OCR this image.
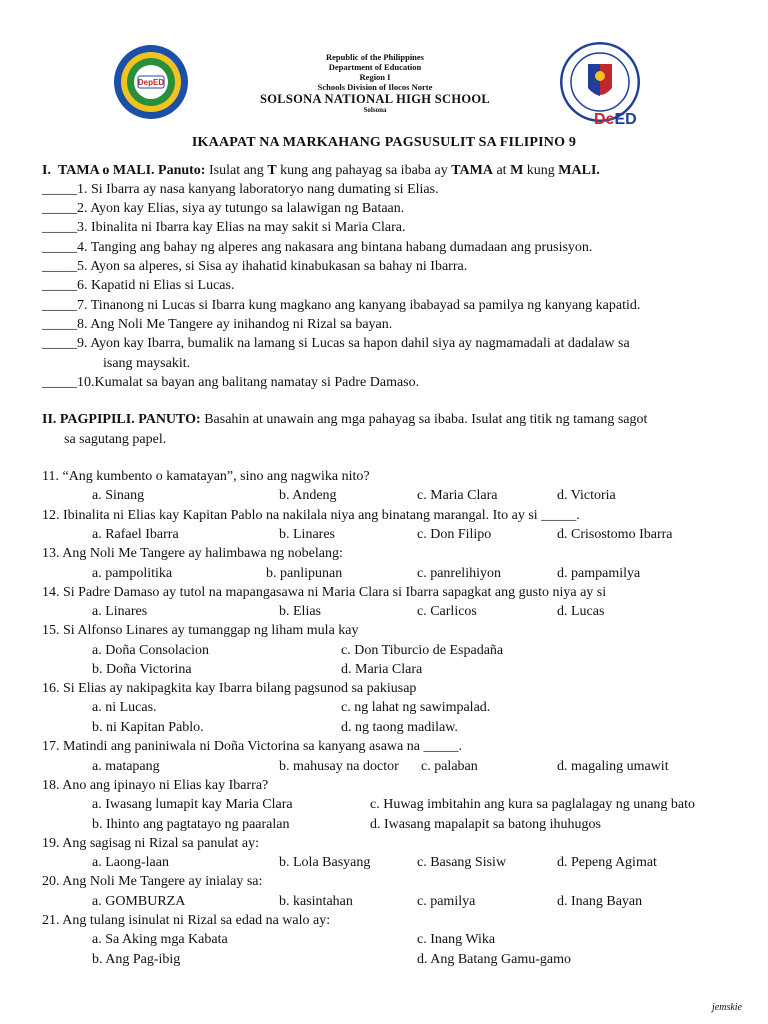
DepED
Republic of the Philippines
Department of Education
Region I
Schools Division of Ilocos Norte
SOLSONA NATIONAL HIGH SCHOOL
Solsona
DeED
IKAAPAT NA MARKAHANG PAGSUSULIT SA FILIPINO 9
I. TAMA o MALI. Panuto: Isulat ang T kung ang pahayag sa ibaba ay TAMA at M kung MALI.
_____1. Si Ibarra ay nasa kanyang laboratoryo nang dumating si Elias.
_____2. Ayon kay Elias, siya ay tutungo sa lalawigan ng Bataan.
_____3. Ibinalita ni Ibarra kay Elias na may sakit si Maria Clara.
_____4. Tanging ang bahay ng alperes ang nakasara ang bintana habang dumadaan ang prusisyon.
_____5. Ayon sa alperes, si Sisa ay ihahatid kinabukasan sa bahay ni Ibarra.
_____6. Kapatid ni Elias si Lucas.
_____7. Tinanong ni Lucas si Ibarra kung magkano ang kanyang ibabayad sa pamilya ng kanyang kapatid.
_____8. Ang Noli Me Tangere ay inihandog ni Rizal sa bayan.
_____9. Ayon kay Ibarra, bumalik na lamang si Lucas sa hapon dahil siya ay nagmamadali at dadalaw sa
isang maysakit.
_____10.Kumalat sa bayan ang balitang namatay si Padre Damaso.
II. PAGPIPILI. PANUTO: Basahin at unawain ang mga pahayag sa ibaba. Isulat ang titik ng tamang sagot
sa sagutang papel.
11. “Ang kumbento o kamatayan”, sino ang nagwika nito?
a. Sinang	b. Andeng	c. Maria Clara	d. Victoria
12. Ibinalita ni Elias kay Kapitan Pablo na nakilala niya ang binatang marangal. Ito ay si _____.
a. Rafael Ibarra	b. Linares	c. Don Filipo	d. Crisostomo Ibarra
13. Ang Noli Me Tangere ay halimbawa ng nobelang:
a. pampolitika	b. panlipunan	c. panrelihiyon	d. pampamilya
14. Si Padre Damaso ay tutol na mapangasawa ni Maria Clara si Ibarra sapagkat ang gusto niya ay si
a. Linares	b. Elias	c. Carlicos	d. Lucas
15. Si Alfonso Linares ay tumanggap ng liham mula kay
a. Doña Consolacion	c. Don Tiburcio de Espadaña
b. Doña Victorina	d. Maria Clara
16. Si Elias ay nakipagkita kay Ibarra bilang pagsunod sa pakiusap
a. ni Lucas.	c. ng lahat ng sawimpalad.
b. ni Kapitan Pablo.	d. ng taong madilaw.
17. Matindi ang paniniwala ni Doña Victorina sa kanyang asawa na _____.
a. matapang	b. mahusay na doctor c. palaban	d. magaling umawit
18. Ano ang ipinayo ni Elias kay Ibarra?
a. Iwasang lumapit kay Maria Clara	c. Huwag imbitahin ang kura sa paglalagay ng unang bato
b. Ihinto ang pagtatayo ng paaralan	d. Iwasang mapalapit sa batong ihuhugos
19. Ang sagisag ni Rizal sa panulat ay:
a. Laong-laan	b. Lola Basyang	c. Basang Sisiw	d. Pepeng Agimat
20. Ang Noli Me Tangere ay inialay sa:
a. GOMBURZA	b. kasintahan	c. pamilya	d. Inang Bayan
21. Ang tulang isinulat ni Rizal sa edad na walo ay:
a. Sa Aking mga Kabata	c. Inang Wika
b. Ang Pag-ibig	d. Ang Batang Gamu-gamo
jemskie
